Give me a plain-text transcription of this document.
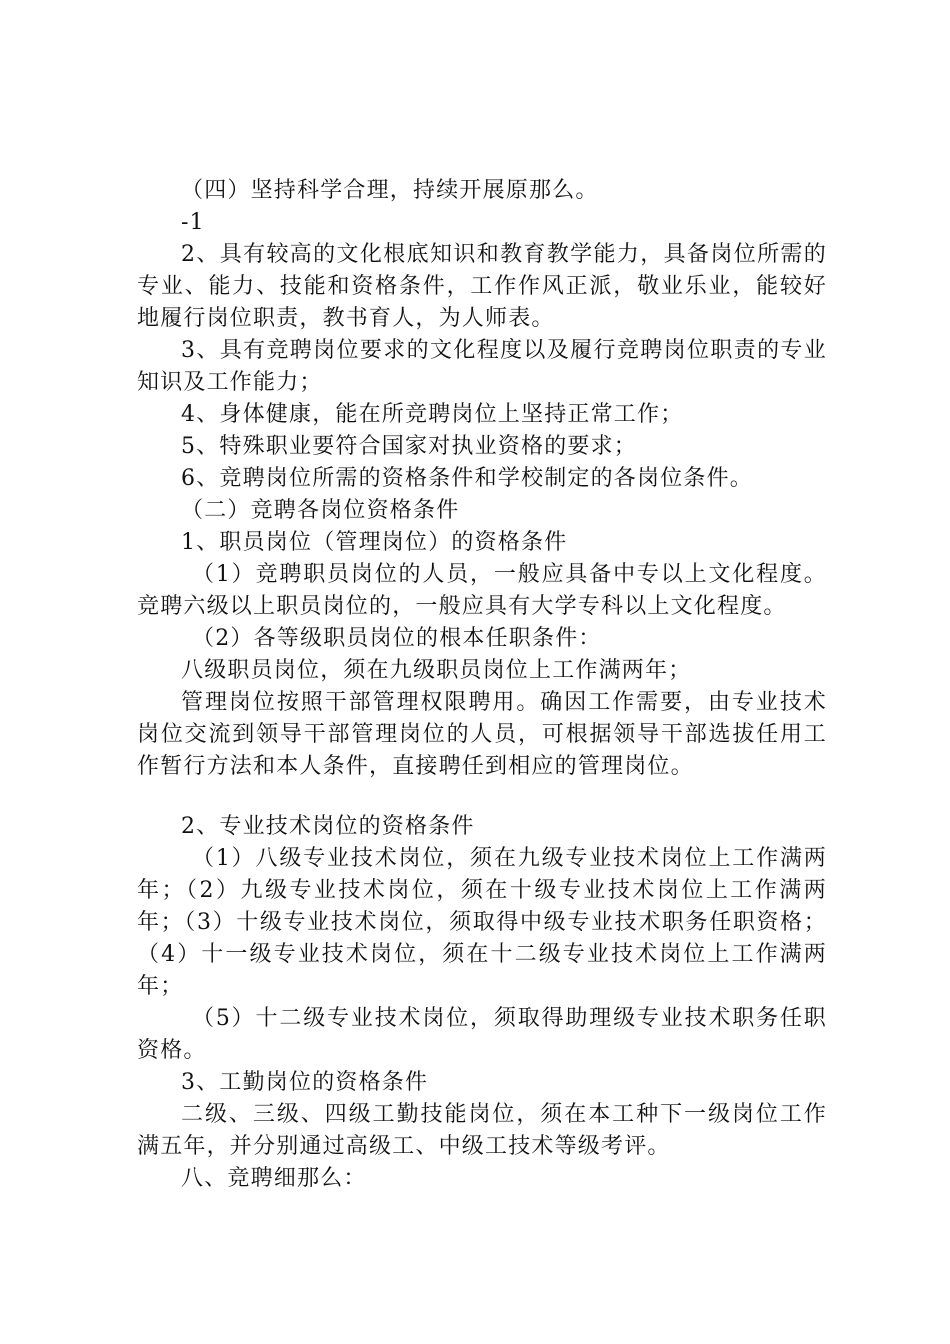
（四）坚持科学合理，持续开展原那么。

-1

2、具有较高的文化根底知识和教育教学能力，具备岗位所需的专业、能力、技能和资格条件，工作作风正派，敬业乐业，能较好地履行岗位职责，教书育人，为人师表。

3、具有竞聘岗位要求的文化程度以及履行竞聘岗位职责的专业知识及工作能力；

4、身体健康，能在所竞聘岗位上坚持正常工作；

5、特殊职业要符合国家对执业资格的要求；

6、竞聘岗位所需的资格条件和学校制定的各岗位条件。

（二）竞聘各岗位资格条件

1、职员岗位（管理岗位）的资格条件

（1）竞聘职员岗位的人员，一般应具备中专以上文化程度。竞聘六级以上职员岗位的，一般应具有大学专科以上文化程度。

（2）各等级职员岗位的根本任职条件：

八级职员岗位，须在九级职员岗位上工作满两年；

管理岗位按照干部管理权限聘用。确因工作需要，由专业技术岗位交流到领导干部管理岗位的人员，可根据领导干部选拔任用工作暂行方法和本人条件，直接聘任到相应的管理岗位。

2、专业技术岗位的资格条件

（1）八级专业技术岗位，须在九级专业技术岗位上工作满两年；（2）九级专业技术岗位，须在十级专业技术岗位上工作满两年；（3）十级专业技术岗位，须取得中级专业技术职务任职资格；（4）十一级专业技术岗位，须在十二级专业技术岗位上工作满两年；

（5）十二级专业技术岗位，须取得助理级专业技术职务任职资格。

3、工勤岗位的资格条件

二级、三级、四级工勤技能岗位，须在本工种下一级岗位工作满五年，并分别通过高级工、中级工技术等级考评。

八、竞聘细那么：
